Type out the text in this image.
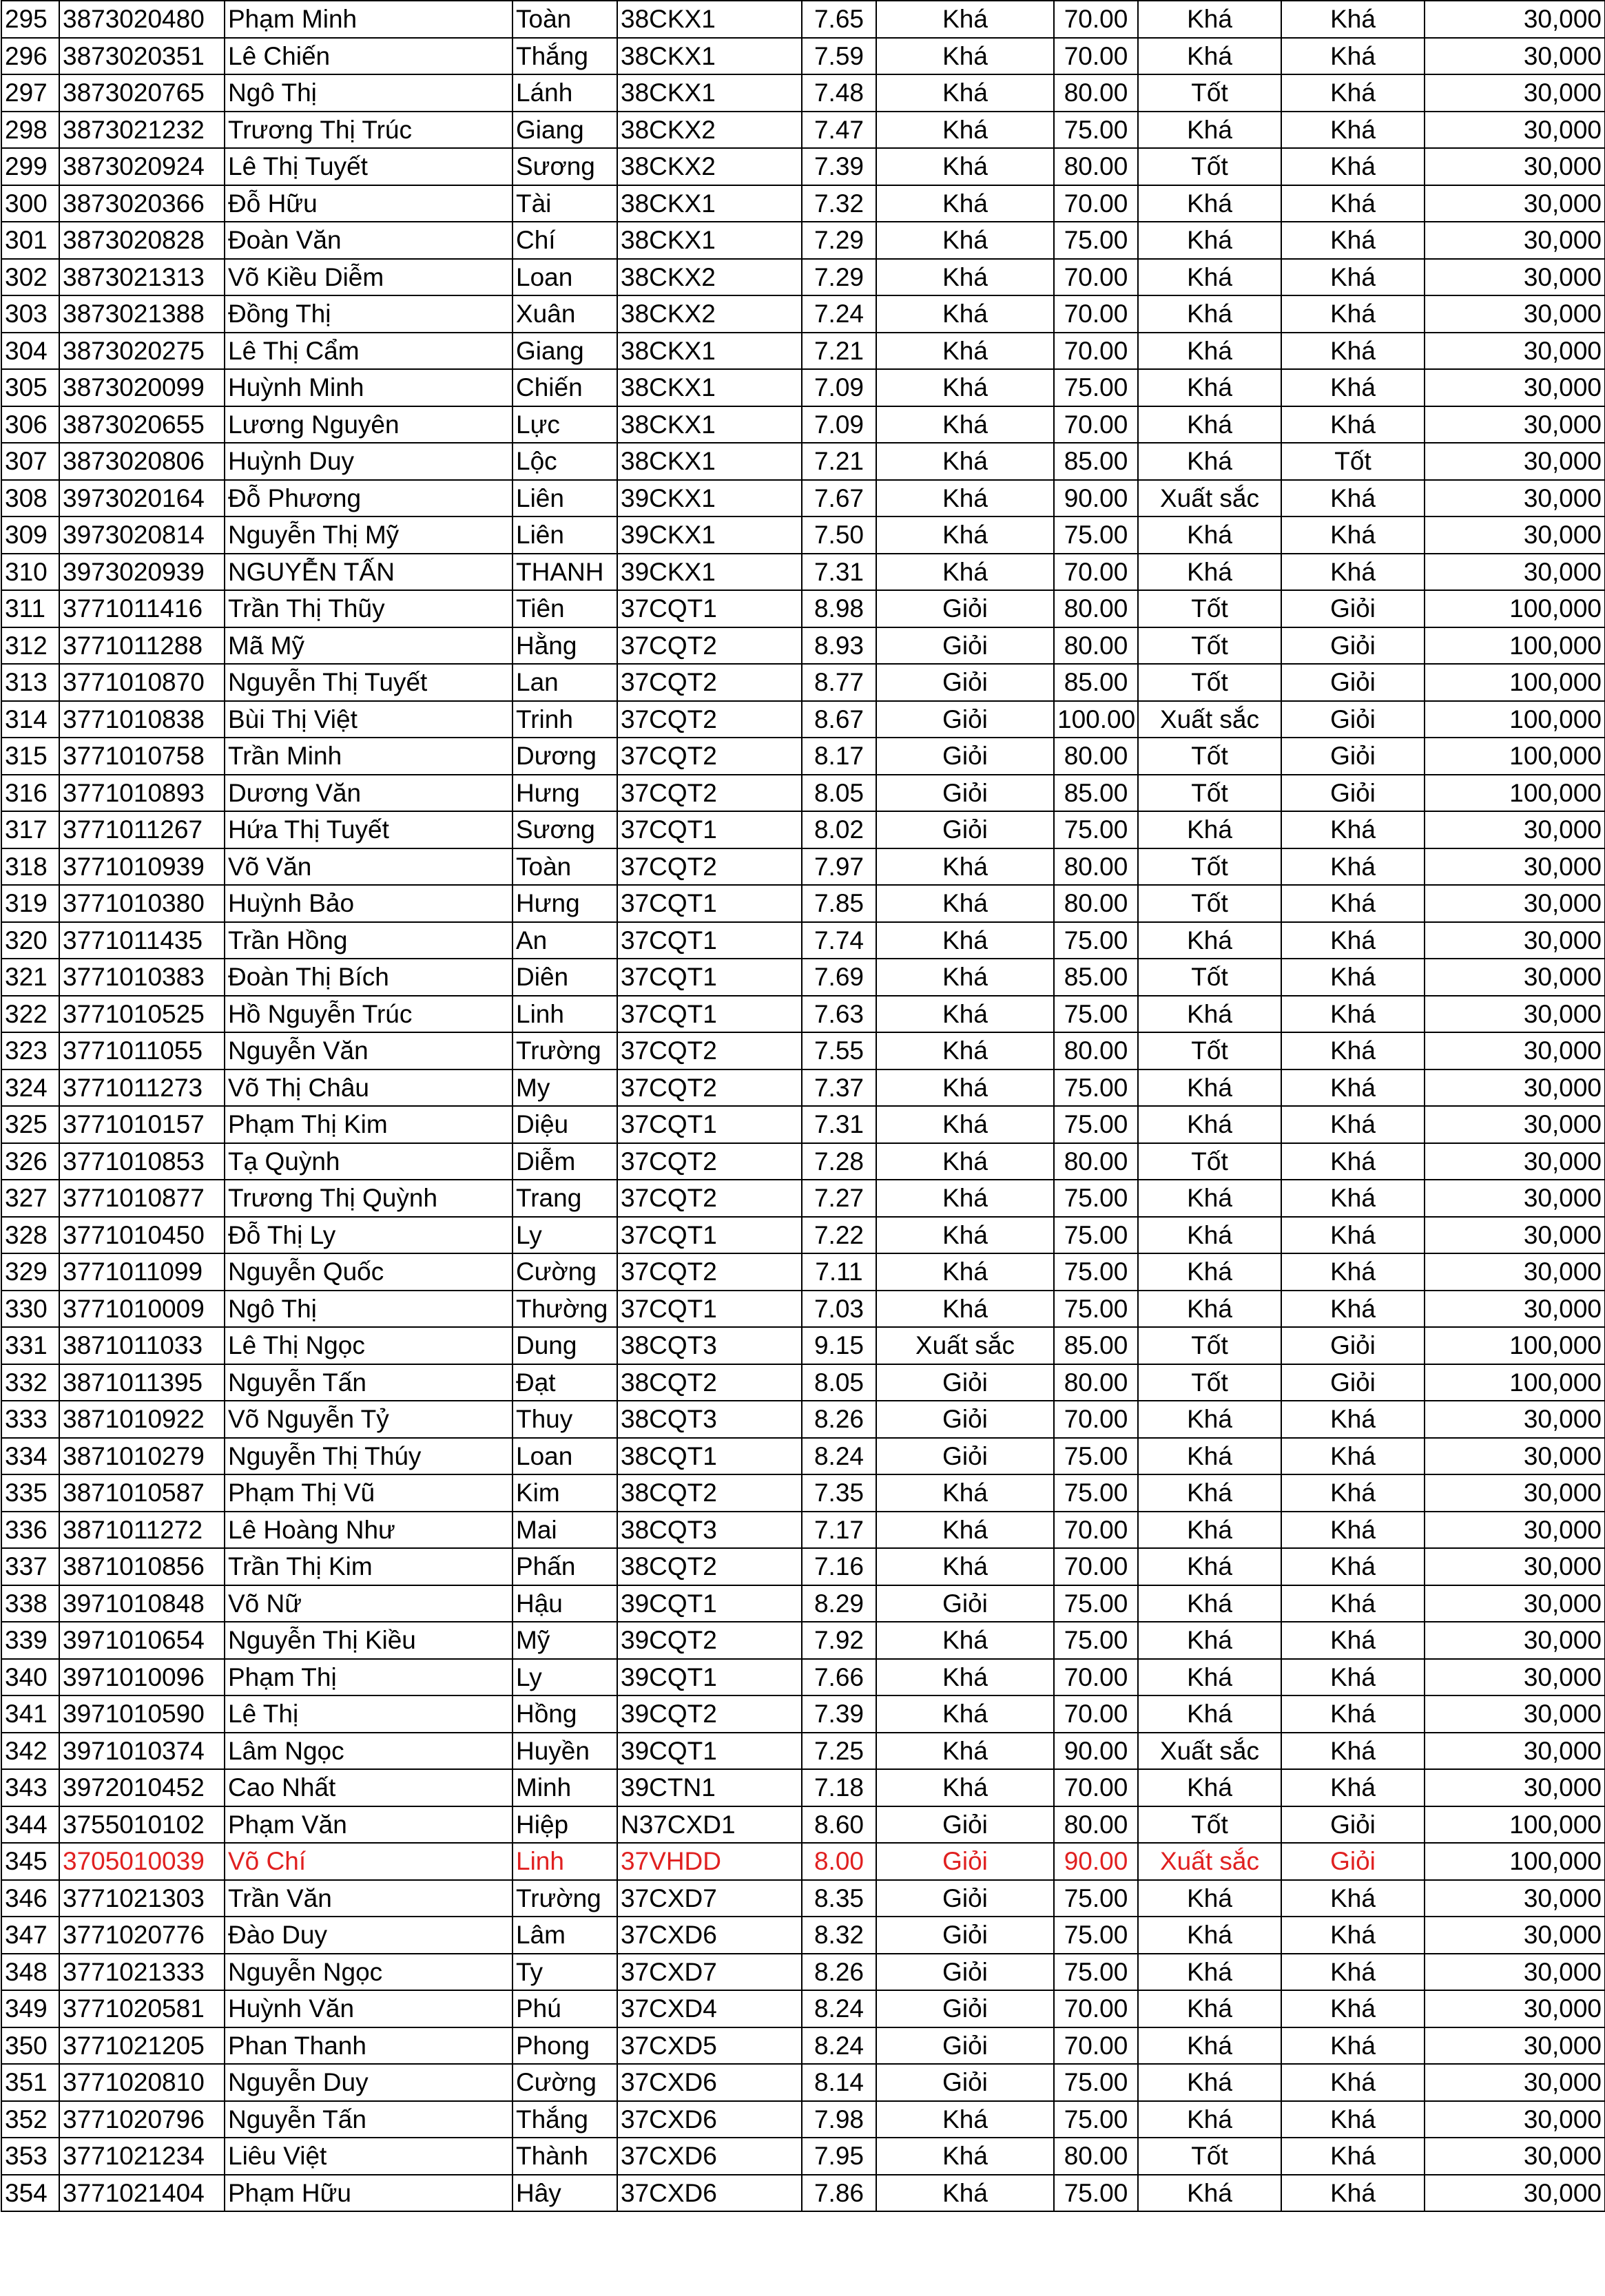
295	3873020480	Phạm Minh	Toàn	38CKX1	7.65	Khá	70.00	Khá	Khá	30,000
296	3873020351	Lê Chiến	Thắng	38CKX1	7.59	Khá	70.00	Khá	Khá	30,000
297	3873020765	Ngô Thị	Lánh	38CKX1	7.48	Khá	80.00	Tốt	Khá	30,000
298	3873021232	Trương Thị Trúc	Giang	38CKX2	7.47	Khá	75.00	Khá	Khá	30,000
299	3873020924	Lê Thị Tuyết	Sương	38CKX2	7.39	Khá	80.00	Tốt	Khá	30,000
300	3873020366	Đỗ Hữu	Tài	38CKX1	7.32	Khá	70.00	Khá	Khá	30,000
301	3873020828	Đoàn Văn	Chí	38CKX1	7.29	Khá	75.00	Khá	Khá	30,000
302	3873021313	Võ Kiều Diễm	Loan	38CKX2	7.29	Khá	70.00	Khá	Khá	30,000
303	3873021388	Đồng Thị	Xuân	38CKX2	7.24	Khá	70.00	Khá	Khá	30,000
304	3873020275	Lê Thị Cẩm	Giang	38CKX1	7.21	Khá	70.00	Khá	Khá	30,000
305	3873020099	Huỳnh Minh	Chiến	38CKX1	7.09	Khá	75.00	Khá	Khá	30,000
306	3873020655	Lương Nguyên	Lực	38CKX1	7.09	Khá	70.00	Khá	Khá	30,000
307	3873020806	Huỳnh Duy	Lộc	38CKX1	7.21	Khá	85.00	Khá	Tốt	30,000
308	3973020164	Đỗ Phương	Liên	39CKX1	7.67	Khá	90.00	Xuất sắc	Khá	30,000
309	3973020814	Nguyễn Thị Mỹ	Liên	39CKX1	7.50	Khá	75.00	Khá	Khá	30,000
310	3973020939	NGUYỄN TẤN	THANH	39CKX1	7.31	Khá	70.00	Khá	Khá	30,000
311	3771011416	Trần Thị Thũy	Tiên	37CQT1	8.98	Giỏi	80.00	Tốt	Giỏi	100,000
312	3771011288	Mã Mỹ	Hằng	37CQT2	8.93	Giỏi	80.00	Tốt	Giỏi	100,000
313	3771010870	Nguyễn Thị Tuyết	Lan	37CQT2	8.77	Giỏi	85.00	Tốt	Giỏi	100,000
314	3771010838	Bùi Thị Việt	Trinh	37CQT2	8.67	Giỏi	100.00	Xuất sắc	Giỏi	100,000
315	3771010758	Trần Minh	Dương	37CQT2	8.17	Giỏi	80.00	Tốt	Giỏi	100,000
316	3771010893	Dương Văn	Hưng	37CQT2	8.05	Giỏi	85.00	Tốt	Giỏi	100,000
317	3771011267	Hứa Thị Tuyết	Sương	37CQT1	8.02	Giỏi	75.00	Khá	Khá	30,000
318	3771010939	Võ Văn	Toàn	37CQT2	7.97	Khá	80.00	Tốt	Khá	30,000
319	3771010380	Huỳnh Bảo	Hưng	37CQT1	7.85	Khá	80.00	Tốt	Khá	30,000
320	3771011435	Trần Hồng	An	37CQT1	7.74	Khá	75.00	Khá	Khá	30,000
321	3771010383	Đoàn Thị Bích	Diên	37CQT1	7.69	Khá	85.00	Tốt	Khá	30,000
322	3771010525	Hồ Nguyễn Trúc	Linh	37CQT1	7.63	Khá	75.00	Khá	Khá	30,000
323	3771011055	Nguyễn Văn	Trường	37CQT2	7.55	Khá	80.00	Tốt	Khá	30,000
324	3771011273	Võ Thị Châu	My	37CQT2	7.37	Khá	75.00	Khá	Khá	30,000
325	3771010157	Phạm Thị Kim	Diệu	37CQT1	7.31	Khá	75.00	Khá	Khá	30,000
326	3771010853	Tạ Quỳnh	Diễm	37CQT2	7.28	Khá	80.00	Tốt	Khá	30,000
327	3771010877	Trương Thị Quỳnh	Trang	37CQT2	7.27	Khá	75.00	Khá	Khá	30,000
328	3771010450	Đỗ Thị Ly	Ly	37CQT1	7.22	Khá	75.00	Khá	Khá	30,000
329	3771011099	Nguyễn Quốc	Cường	37CQT2	7.11	Khá	75.00	Khá	Khá	30,000
330	3771010009	Ngô Thị	Thường	37CQT1	7.03	Khá	75.00	Khá	Khá	30,000
331	3871011033	Lê Thị Ngọc	Dung	38CQT3	9.15	Xuất sắc	85.00	Tốt	Giỏi	100,000
332	3871011395	Nguyễn Tấn	Đạt	38CQT2	8.05	Giỏi	80.00	Tốt	Giỏi	100,000
333	3871010922	Võ Nguyễn Tỷ	Thuy	38CQT3	8.26	Giỏi	70.00	Khá	Khá	30,000
334	3871010279	Nguyễn Thị Thúy	Loan	38CQT1	8.24	Giỏi	75.00	Khá	Khá	30,000
335	3871010587	Phạm Thị Vũ	Kim	38CQT2	7.35	Khá	75.00	Khá	Khá	30,000
336	3871011272	Lê Hoàng Như	Mai	38CQT3	7.17	Khá	70.00	Khá	Khá	30,000
337	3871010856	Trần Thị Kim	Phấn	38CQT2	7.16	Khá	70.00	Khá	Khá	30,000
338	3971010848	Võ Nữ	Hậu	39CQT1	8.29	Giỏi	75.00	Khá	Khá	30,000
339	3971010654	Nguyễn Thị Kiều	Mỹ	39CQT2	7.92	Khá	75.00	Khá	Khá	30,000
340	3971010096	Phạm Thị	Ly	39CQT1	7.66	Khá	70.00	Khá	Khá	30,000
341	3971010590	Lê Thị	Hồng	39CQT2	7.39	Khá	70.00	Khá	Khá	30,000
342	3971010374	Lâm Ngọc	Huyền	39CQT1	7.25	Khá	90.00	Xuất sắc	Khá	30,000
343	3972010452	Cao Nhất	Minh	39CTN1	7.18	Khá	70.00	Khá	Khá	30,000
344	3755010102	Phạm Văn	Hiệp	N37CXD1	8.60	Giỏi	80.00	Tốt	Giỏi	100,000
345	3705010039	Võ Chí	Linh	37VHDD	8.00	Giỏi	90.00	Xuất sắc	Giỏi	100,000
346	3771021303	Trần Văn	Trường	37CXD7	8.35	Giỏi	75.00	Khá	Khá	30,000
347	3771020776	Đào Duy	Lâm	37CXD6	8.32	Giỏi	75.00	Khá	Khá	30,000
348	3771021333	Nguyễn Ngọc	Ty	37CXD7	8.26	Giỏi	75.00	Khá	Khá	30,000
349	3771020581	Huỳnh Văn	Phú	37CXD4	8.24	Giỏi	70.00	Khá	Khá	30,000
350	3771021205	Phan Thanh	Phong	37CXD5	8.24	Giỏi	70.00	Khá	Khá	30,000
351	3771020810	Nguyễn Duy	Cường	37CXD6	8.14	Giỏi	75.00	Khá	Khá	30,000
352	3771020796	Nguyễn Tấn	Thắng	37CXD6	7.98	Khá	75.00	Khá	Khá	30,000
353	3771021234	Liêu Việt	Thành	37CXD6	7.95	Khá	80.00	Tốt	Khá	30,000
354	3771021404	Phạm Hữu	Hây	37CXD6	7.86	Khá	75.00	Khá	Khá	30,000
